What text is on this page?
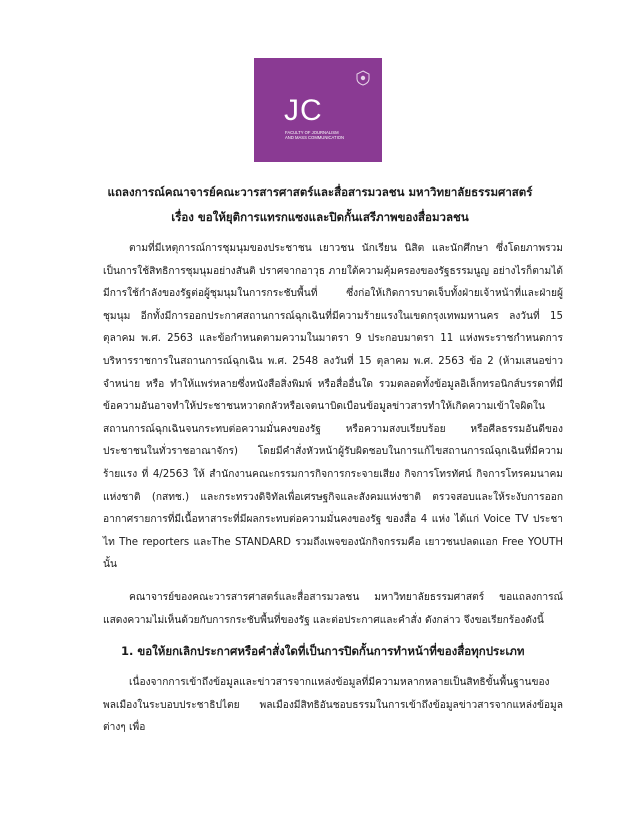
JC
FACULTY OF JOURNALISM
AND MASS COMMUNICATION
แถลงการณ์คณาจารย์คณะวารสารศาสตร์และสื่อสารมวลชน มหาวิทยาลัยธรรมศาสตร์
เรื่อง ขอให้ยุติการแทรกแซงและปิดกั้นเสรีภาพของสื่อมวลชน

ตามที่มีเหตุการณ์การชุมนุมของประชาชน เยาวชน นักเรียน นิสิต และนักศึกษา ซึ่งโดยภาพรวมเป็นการใช้สิทธิการชุมนุมอย่างสันติ ปราศจากอาวุธ ภายใต้ความคุ้มครองของรัฐธรรมนูญ อย่างไรก็ตามได้มีการใช้กำลังของรัฐต่อผู้ชุมนุมในการกระชับพื้นที่ ซึ่งก่อให้เกิดการบาดเจ็บทั้งฝ่ายเจ้าหน้าที่และฝ่ายผู้ชุมนุม อีกทั้งมีการออกประกาศสถานการณ์ฉุกเฉินที่มีความร้ายแรงในเขตกรุงเทพมหานคร ลงวันที่ 15 ตุลาคม พ.ศ. 2563 และข้อกำหนดตามความในมาตรา 9 ประกอบมาตรา 11 แห่งพระราชกำหนดการบริหารราชการในสถานการณ์ฉุกเฉิน พ.ศ. 2548 ลงวันที่ 15 ตุลาคม พ.ศ. 2563 ข้อ 2 (ห้ามเสนอข่าว จำหน่าย หรือ ทำให้แพร่หลายซึ่งหนังสือสิ่งพิมพ์ หรือสื่ออื่นใด รวมตลอดทั้งข้อมูลอิเล็กทรอนิกส์บรรดาที่มีข้อความอันอาจทำให้ประชาชนหวาดกลัวหรือเจตนาบิดเบือนข้อมูลข่าวสารทำให้เกิดความเข้าใจผิดในสถานการณ์ฉุกเฉินจนกระทบต่อความมั่นคงของรัฐ หรือความสงบเรียบร้อย หรือศีลธรรมอันดีของประชาชนในทั่วราชอาณาจักร) โดยมีคำสั่งหัวหน้าผู้รับผิดชอบในการแก้ไขสถานการณ์ฉุกเฉินที่มีความร้ายแรง ที่ 4/2563 ให้ สำนักงานคณะกรรมการกิจการกระจายเสียง กิจการโทรทัศน์ กิจการโทรคมนาคมแห่งชาติ (กสทช.) และกระทรวงดิจิทัลเพื่อเศรษฐกิจและสังคมแห่งชาติ ตรวจสอบและให้ระงับการออกอากาศรายการที่มีเนื้อหาสาระที่มีผลกระทบต่อความมั่นคงของรัฐ ของสื่อ 4 แห่ง ได้แก่ Voice TV ประชาไท The reporters และThe STANDARD รวมถึงเพจของนักกิจกรรมคือ เยาวชนปลดแอก Free YOUTH นั้น

คณาจารย์ของคณะวารสารศาสตร์และสื่อสารมวลชน มหาวิทยาลัยธรรมศาสตร์ ขอแถลงการณ์แสดงความไม่เห็นด้วยกับการกระชับพื้นที่ของรัฐ และต่อประกาศและคำสั่ง ดังกล่าว จึงขอเรียกร้องดังนี้

1. ขอให้ยกเลิกประกาศหรือคำสั่งใดที่เป็นการปิดกั้นการทำหน้าที่ของสื่อทุกประเภท

เนื่องจากการเข้าถึงข้อมูลและข่าวสารจากแหล่งข้อมูลที่มีความหลากหลายเป็นสิทธิขั้นพื้นฐานของพลเมืองในระบอบประชาธิปไตย พลเมืองมีสิทธิอันชอบธรรมในการเข้าถึงข้อมูลข่าวสารจากแหล่งข้อมูลต่างๆ เพื่อ
